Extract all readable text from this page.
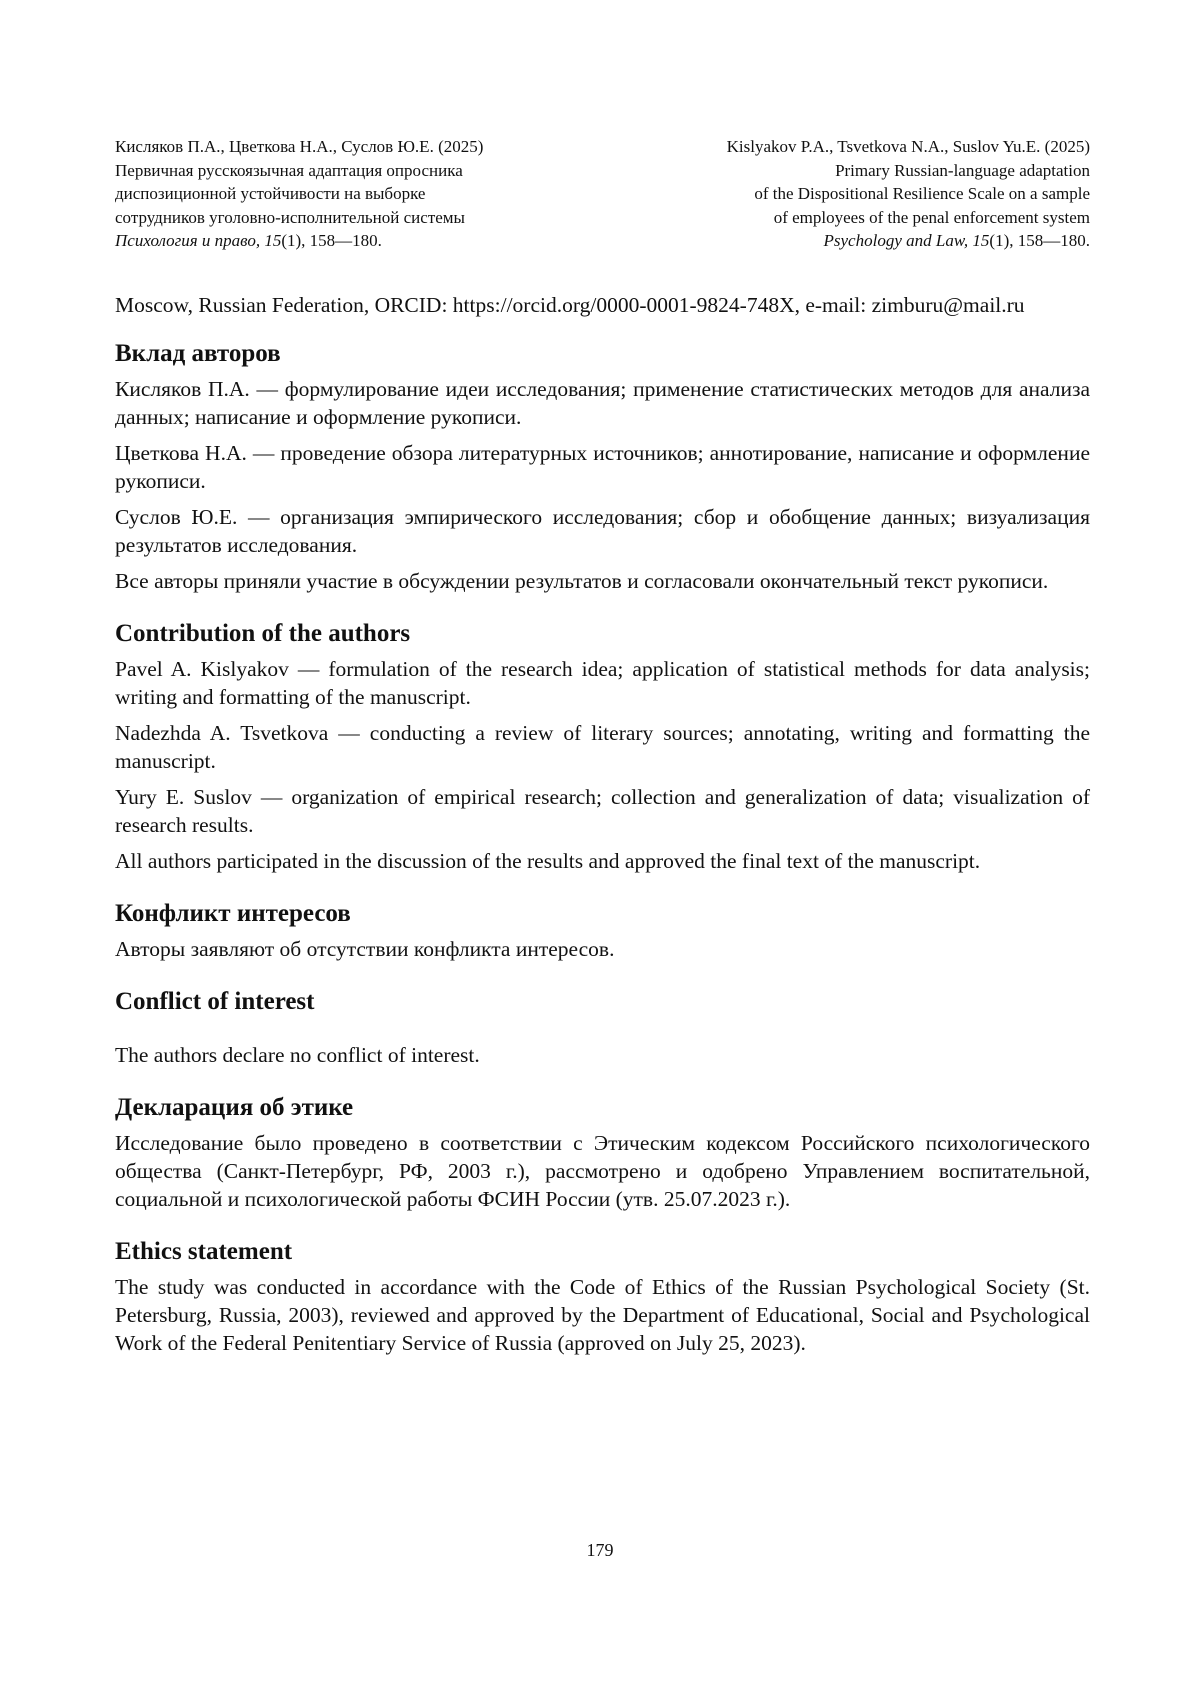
Кисляков П.А., Цветкова Н.А., Суслов Ю.Е. (2025)
Первичная русскоязычная адаптация опросника
диспозиционной устойчивости на выборке
сотрудников уголовно-исполнительной системы
Психология и право, 15(1), 158—180.
Kislyakov P.A., Tsvetkova N.A., Suslov Yu.E. (2025)
Primary Russian-language adaptation
of the Dispositional Resilience Scale on a sample
of employees of the penal enforcement system
Psychology and Law, 15(1), 158—180.

Moscow, Russian Federation, ORCID: https://orcid.org/0000-0001-9824-748X, e-mail: zimburu@mail.ru

Вклад авторов

Кисляков П.А. — формулирование идеи исследования; применение статистических методов для анализа данных; написание и оформление рукописи.

Цветкова Н.А. — проведение обзора литературных источников; аннотирование, написание и оформление рукописи.

Суслов Ю.Е. — организация эмпирического исследования; сбор и обобщение данных; визуализация результатов исследования.

Все авторы приняли участие в обсуждении результатов и согласовали окончательный текст рукописи.

Contribution of the authors

Pavel A. Kislyakov — formulation of the research idea; application of statistical methods for data analysis; writing and formatting of the manuscript.

Nadezhda A. Tsvetkova — conducting a review of literary sources; annotating, writing and formatting the manuscript.

Yury E. Suslov — organization of empirical research; collection and generalization of data; visualization of research results.

All authors participated in the discussion of the results and approved the final text of the manuscript.

Конфликт интересов

Авторы заявляют об отсутствии конфликта интересов.

Conflict of interest

The authors declare no conflict of interest.

Декларация об этике

Исследование было проведено в соответствии с Этическим кодексом Российского психологического общества (Санкт-Петербург, РФ, 2003 г.), рассмотрено и одобрено Управлением воспитательной, социальной и психологической работы ФСИН России (утв. 25.07.2023 г.).

Ethics statement

The study was conducted in accordance with the Code of Ethics of the Russian Psychological Society (St. Petersburg, Russia, 2003), reviewed and approved by the Department of Educational, Social and Psychological Work of the Federal Penitentiary Service of Russia (approved on July 25, 2023).

179
